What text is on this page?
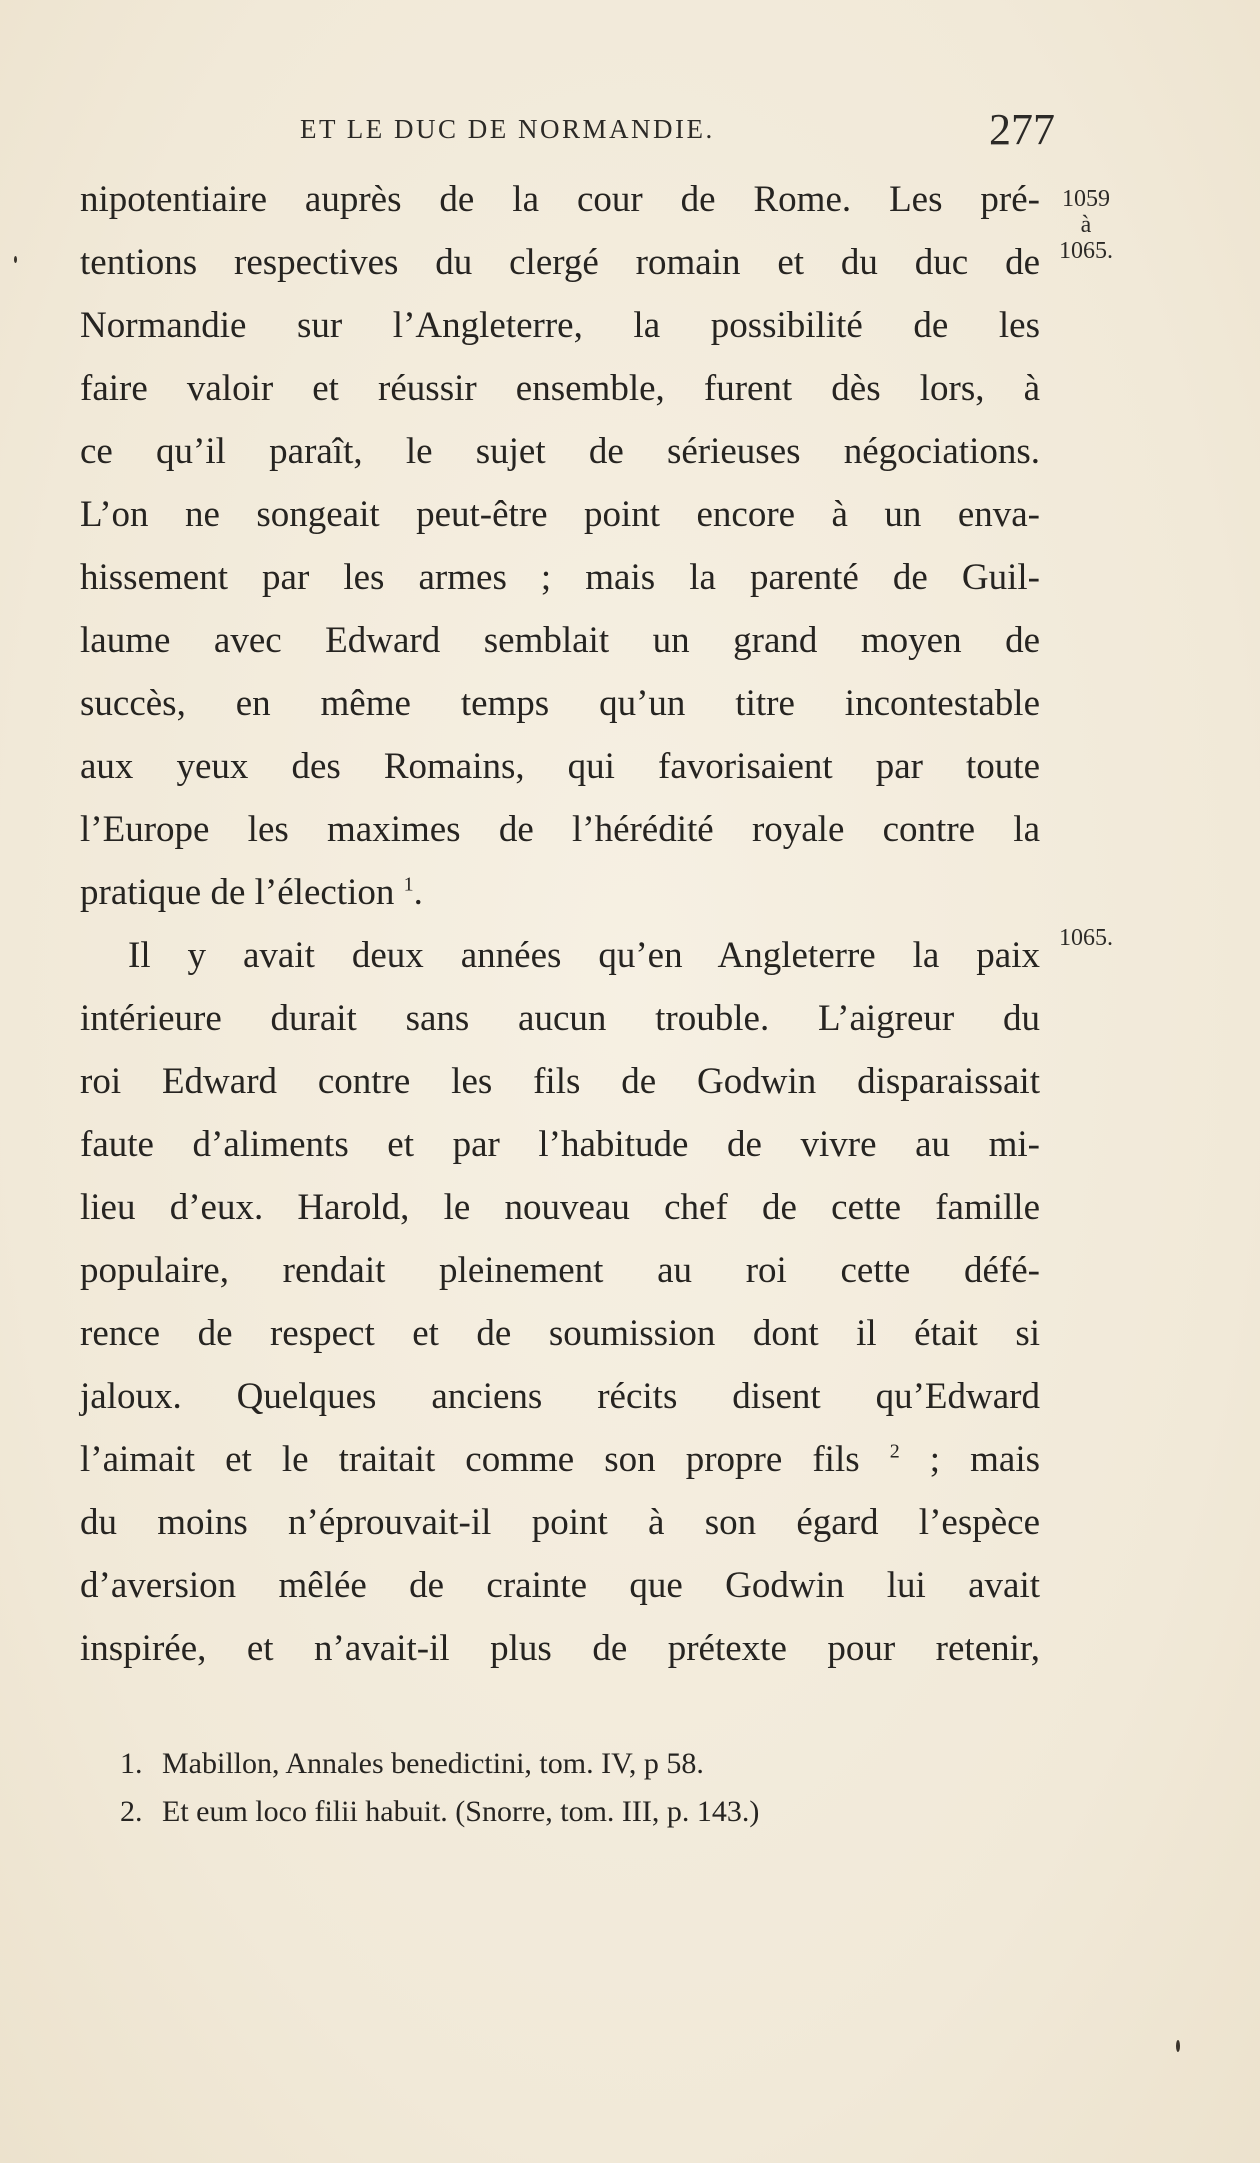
ET LE DUC DE NORMANDIE.	277
1059
à
1065.
1065.
nipotentiaire auprès de la cour de Rome. Les pré-
tentions respectives du clergé romain et du duc de
Normandie sur l’Angleterre, la possibilité de les
faire valoir et réussir ensemble, furent dès lors, à
ce qu’il paraît, le sujet de sérieuses négociations.
L’on ne songeait peut-être point encore à un enva-
hissement par les armes ; mais la parenté de Guil-
laume avec Edward semblait un grand moyen de
succès, en même temps qu’un titre incontestable
aux yeux des Romains, qui favorisaient par toute
l’Europe les maximes de l’hérédité royale contre la
pratique de l’élection $^1$.
Il y avait deux années qu’en Angleterre la paix
intérieure durait sans aucun trouble. L’aigreur du
roi Edward contre les fils de Godwin disparaissait
faute d’aliments et par l’habitude de vivre au mi-
lieu d’eux. Harold, le nouveau chef de cette famille
populaire, rendait pleinement au roi cette défé-
rence de respect et de soumission dont il était si
jaloux. Quelques anciens récits disent qu’Edward
l’aimait et le traitait comme son propre fils $^2$ ; mais
du moins n’éprouvait-il point à son égard l’espèce
d’aversion mêlée de crainte que Godwin lui avait
inspirée, et n’avait-il plus de prétexte pour retenir,
1. Mabillon, Annales benedictini, tom. IV, p 58.
2. Et eum loco filii habuit. (Snorre, tom. III, p. 143.)
